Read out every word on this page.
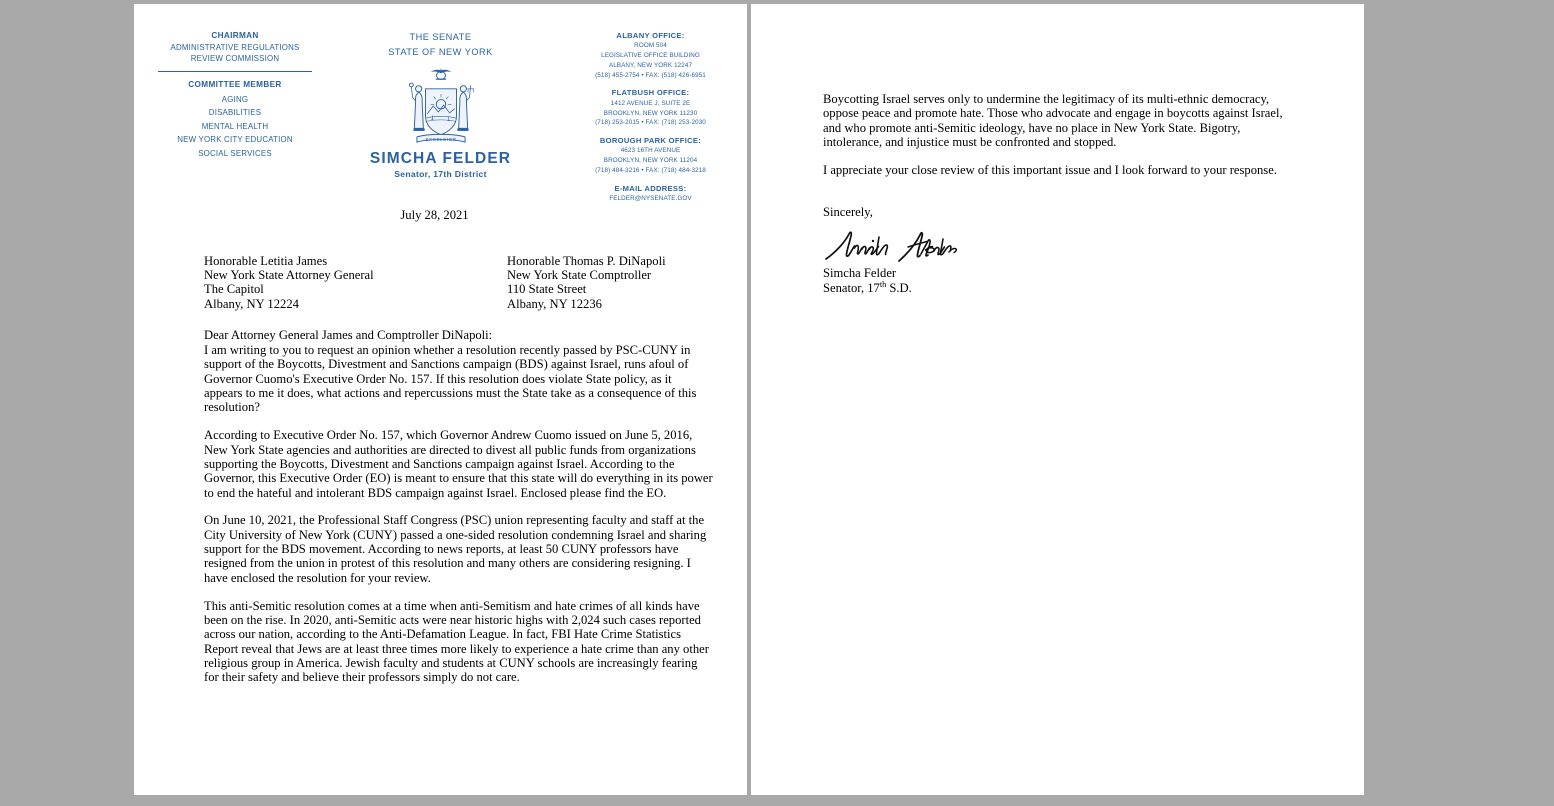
CHAIRMAN
ADMINISTRATIVE REGULATIONS
REVIEW COMMISSION
COMMITTEE MEMBER
AGING
DISABILITIES
MENTAL HEALTH
NEW YORK CITY EDUCATION
SOCIAL SERVICES
THE SENATE
STATE OF NEW YORK
EXCELSIOR
SIMCHA FELDER
Senator, 17th District
ALBANY OFFICE:
ROOM 504
LEGISLATIVE OFFICE BUILDING
ALBANY, NEW YORK 12247
(518) 455-2754 • FAX: (518) 426-6951
FLATBUSH OFFICE:
1412 AVENUE J, SUITE 2E
BROOKLYN, NEW YORK 11230
(718) 253-2015 • FAX: (718) 253-2030
BOROUGH PARK OFFICE:
4623 16TH AVENUE
BROOKLYN, NEW YORK 11204
(718) 484-3216 • FAX: (718) 484-3218
E-MAIL ADDRESS:
FELDER@NYSENATE.GOV
July 28, 2021
Honorable Letitia James
New York State Attorney General
The Capitol
Albany, NY 12224
Honorable Thomas P. DiNapoli
New York State Comptroller
110 State Street
Albany, NY 12236
Dear Attorney General James and Comptroller DiNapoli:

I am writing to you to request an opinion whether a resolution recently passed by PSC-CUNY in support of the Boycotts, Divestment and Sanctions campaign (BDS) against Israel, runs afoul of Governor Cuomo's Executive Order No. 157. If this resolution does violate State policy, as it appears to me it does, what actions and repercussions must the State take as a consequence of this resolution?

According to Executive Order No. 157, which Governor Andrew Cuomo issued on June 5, 2016, New York State agencies and authorities are directed to divest all public funds from organizations supporting the Boycotts, Divestment and Sanctions campaign against Israel. According to the Governor, this Executive Order (EO) is meant to ensure that this state will do everything in its power to end the hateful and intolerant BDS campaign against Israel. Enclosed please find the EO.

On June 10, 2021, the Professional Staff Congress (PSC) union representing faculty and staff at the City University of New York (CUNY) passed a one-sided resolution condemning Israel and sharing support for the BDS movement. According to news reports, at least 50 CUNY professors have resigned from the union in protest of this resolution and many others are considering resigning. I have enclosed the resolution for your review.

This anti-Semitic resolution comes at a time when anti-Semitism and hate crimes of all kinds have been on the rise. In 2020, anti-Semitic acts were near historic highs with 2,024 such cases reported across our nation, according to the Anti-Defamation League. In fact, FBI Hate Crime Statistics Report reveal that Jews are at least three times more likely to experience a hate crime than any other religious group in America. Jewish faculty and students at CUNY schools are increasingly fearing for their safety and believe their professors simply do not care.

Boycotting Israel serves only to undermine the legitimacy of its multi-ethnic democracy, oppose peace and promote hate. Those who advocate and engage in boycotts against Israel, and who promote anti-Semitic ideology, have no place in New York State. Bigotry, intolerance, and injustice must be confronted and stopped.

I appreciate your close review of this important issue and I look forward to your response.

Sincerely,
Simcha Felder
Senator, 17th S.D.
